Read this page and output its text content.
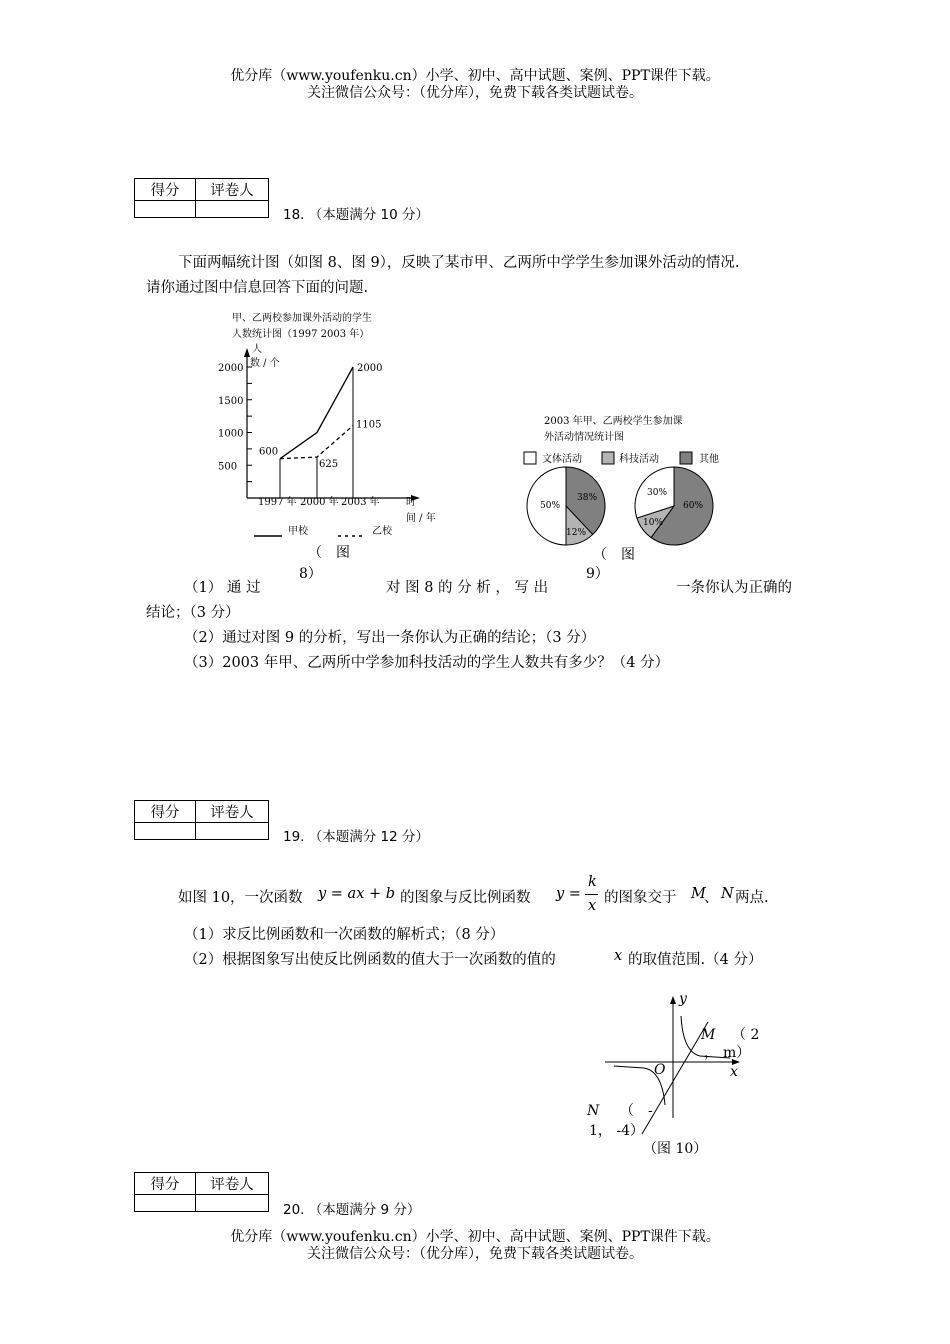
优分库（www.youfenku.cn）小学、初中、高中试题、案例、PPT课件下载。
关注微信公众号：（优分库），免费下载各类试题试卷。
得分	评卷人

18. （本题满分 10 分）
下面两幅统计图（如图 8、图 9），反映了某市甲、乙两所中学学生参加课外活动的情况.
请你通过图中信息回答下面的问题.
甲、乙两校参加课外活动的学生
人数统计图（1997 2003 年）
人
数 / 个
时
间 / 年
2000
1500
1000
500
1997 年 2000 年 2003 年
600
625
1105
2000
甲校	乙校
（　图
8）
2003 年甲、乙两校学生参加课
外活动情况统计图
文体活动	科技活动	其他
50%
12%
38%	30%
10%
60%
（　图
9）
（1） 通 过	对 图 8 的 分 析 ， 写 出	一条你认为正确的
结论；（3 分）
（2）通过对图 9 的分析，写出一条你认为正确的结论；（3 分）
（3）2003 年甲、乙两所中学参加科技活动的学生人数共有多少？（4 分）
得分	评卷人

19. （本题满分 12 分）
如图 10，一次函数 y = ax + b 的图象与反比例函数 y =
k
x 的图象交于 M
、 N 两点.
（1）求反比例函数和一次函数的解析式；（8 分）
（2）根据图象写出使反比例函数的值大于一次函数的值的	x 的取值范围.（4 分）
y
x
O
M （ 2
， m）
N （　-
1， -4）
（图 10）
得分	评卷人

20. （本题满分 9 分）
优分库（www.youfenku.cn）小学、初中、高中试题、案例、PPT课件下载。
关注微信公众号：（优分库），免费下载各类试题试卷。
